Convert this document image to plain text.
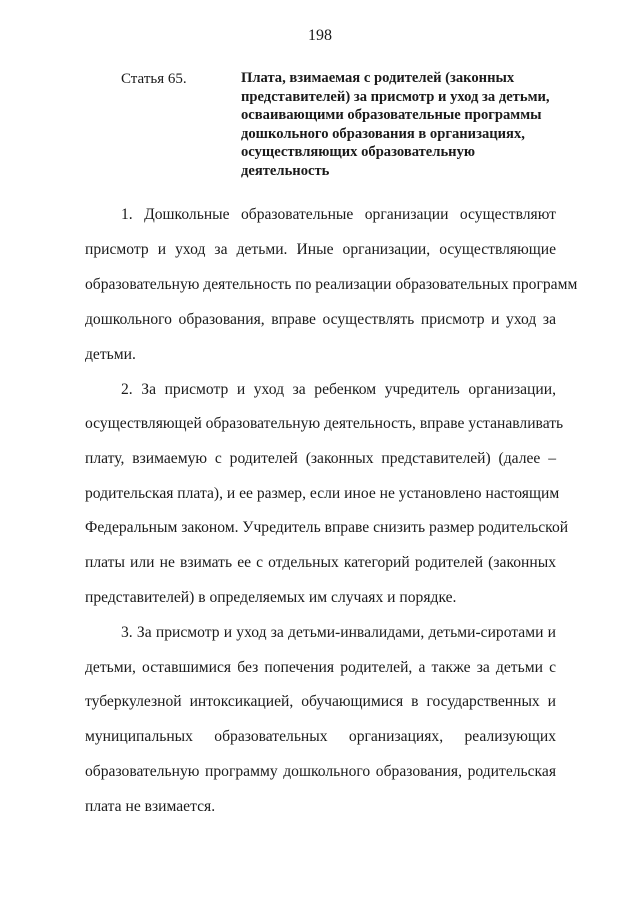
198
Статья 65.	Плата, взимаемая с родителей (законных
представителей) за присмотр и уход за детьми,
осваивающими образовательные программы
дошкольного образования в организациях,
осуществляющих образовательную
деятельность
1. Дошкольные образовательные организации осуществляют
присмотр и уход за детьми. Иные организации, осуществляющие
образовательную деятельность по реализации образовательных программ
дошкольного образования, вправе осуществлять присмотр и уход за
детьми.
2. За присмотр и уход за ребенком учредитель организации,
осуществляющей образовательную деятельность, вправе устанавливать
плату, взимаемую с родителей (законных представителей) (далее –
родительская плата), и ее размер, если иное не установлено настоящим
Федеральным законом. Учредитель вправе снизить размер родительской
платы или не взимать ее с отдельных категорий родителей (законных
представителей) в определяемых им случаях и порядке.
3. За присмотр и уход за детьми-инвалидами, детьми-сиротами и
детьми, оставшимися без попечения родителей, а также за детьми с
туберкулезной интоксикацией, обучающимися в государственных и
муниципальных образовательных организациях, реализующих
образовательную программу дошкольного образования, родительская
плата не взимается.
